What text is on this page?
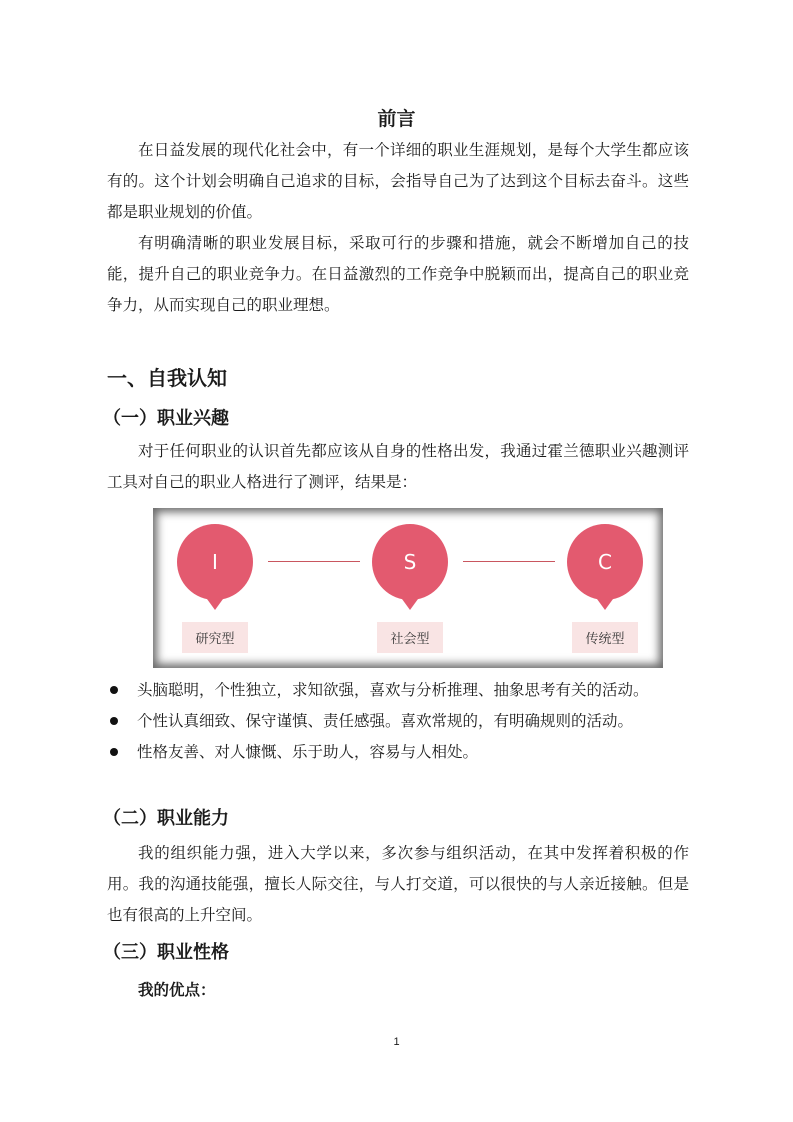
前言

在日益发展的现代化社会中，有一个详细的职业生涯规划，是每个大学生都应该有的。这个计划会明确自己追求的目标，会指导自己为了达到这个目标去奋斗。这些都是职业规划的价值。

有明确清晰的职业发展目标，采取可行的步骤和措施，就会不断增加自己的技能，提升自己的职业竞争力。在日益激烈的工作竞争中脱颖而出，提高自己的职业竞争力，从而实现自己的职业理想。

一、自我认知
（一）职业兴趣

对于任何职业的认识首先都应该从自身的性格出发，我通过霍兰德职业兴趣测评工具对自己的职业人格进行了测评，结果是：

I
研究型
S
社会型
C
传统型
头脑聪明，个性独立，求知欲强，喜欢与分析推理、抽象思考有关的活动。
个性认真细致、保守谨慎、责任感强。喜欢常规的，有明确规则的活动。
性格友善、对人慷慨、乐于助人，容易与人相处。
（二）职业能力

我的组织能力强，进入大学以来，多次参与组织活动，在其中发挥着积极的作用。我的沟通技能强，擅长人际交往，与人打交道，可以很快的与人亲近接触。但是也有很高的上升空间。

（三）职业性格
我的优点：
1
